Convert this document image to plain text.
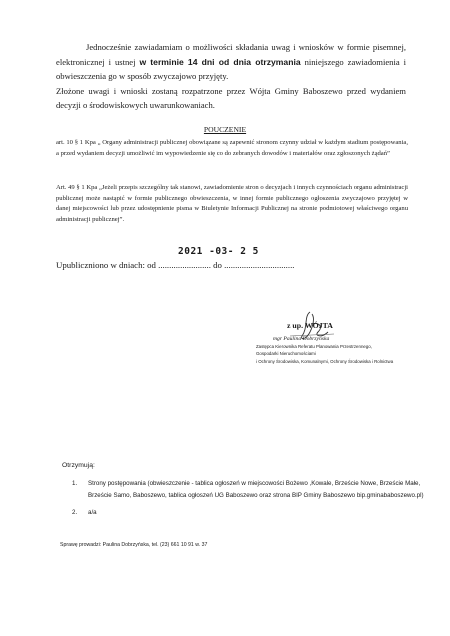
Jednocześnie zawiadamiam o możliwości składania uwag i wniosków w formie pisemnej, elektronicznej i ustnej w terminie 14 dni od dnia otrzymania niniejszego zawiadomienia i obwieszczenia go w sposób zwyczajowo przyjęty.
Złożone uwagi i wnioski zostaną rozpatrzone przez Wójta Gminy Baboszewo przed wydaniem decyzji o środowiskowych uwarunkowaniach.
POUCZENIE
art. 10 § 1 Kpa „ Organy administracji publicznej obowiązane są zapewnić stronom czynny udział w każdym stadium postępowania, a przed wydaniem decyzji umożliwić im wypowiedzenie się co do zebranych dowodów i materiałów oraz zgłoszonych żądań”
Art. 49 § 1 Kpa „Jeżeli przepis szczególny tak stanowi, zawiadomienie stron o decyzjach i innych czynnościach organu administracji publicznej może nastąpić w formie publicznego obwieszczenia, w innej formie publicznego ogłoszenia zwyczajowo przyjętej w danej miejscowości lub przez udostępnienie pisma w Biuletynie Informacji Publicznej na stronie podmiotowej właściwego organu administracji publicznej”.
2021 -03- 2 5
Upubliczniono w dniach: od ........................ do ................................
z up. WÓJTA
mgr Paulina Dobrzyńska
Zastępca Kierownika Referatu Planowania Przestrzennego,
Gospodarki Nieruchomościami
i Ochrony Środowiska, Komunalnymi, Ochrony Środowiska i Rolnictwa
Otrzymują:
1.	Strony postępowania (obwieszczenie - tablica ogłoszeń w miejscowości Bożewo ,Kowale, Brzeście Nowe, Brzeście Małe, Brzeście Samo, Baboszewo, tablica ogłoszeń UG Baboszewo oraz strona BIP Gminy Baboszewo bip.gminababoszewo.pl)
2.	a/a
Sprawę prowadzi: Paulina Dobrzyńska, tel. (23) 661 10 91 w. 37
